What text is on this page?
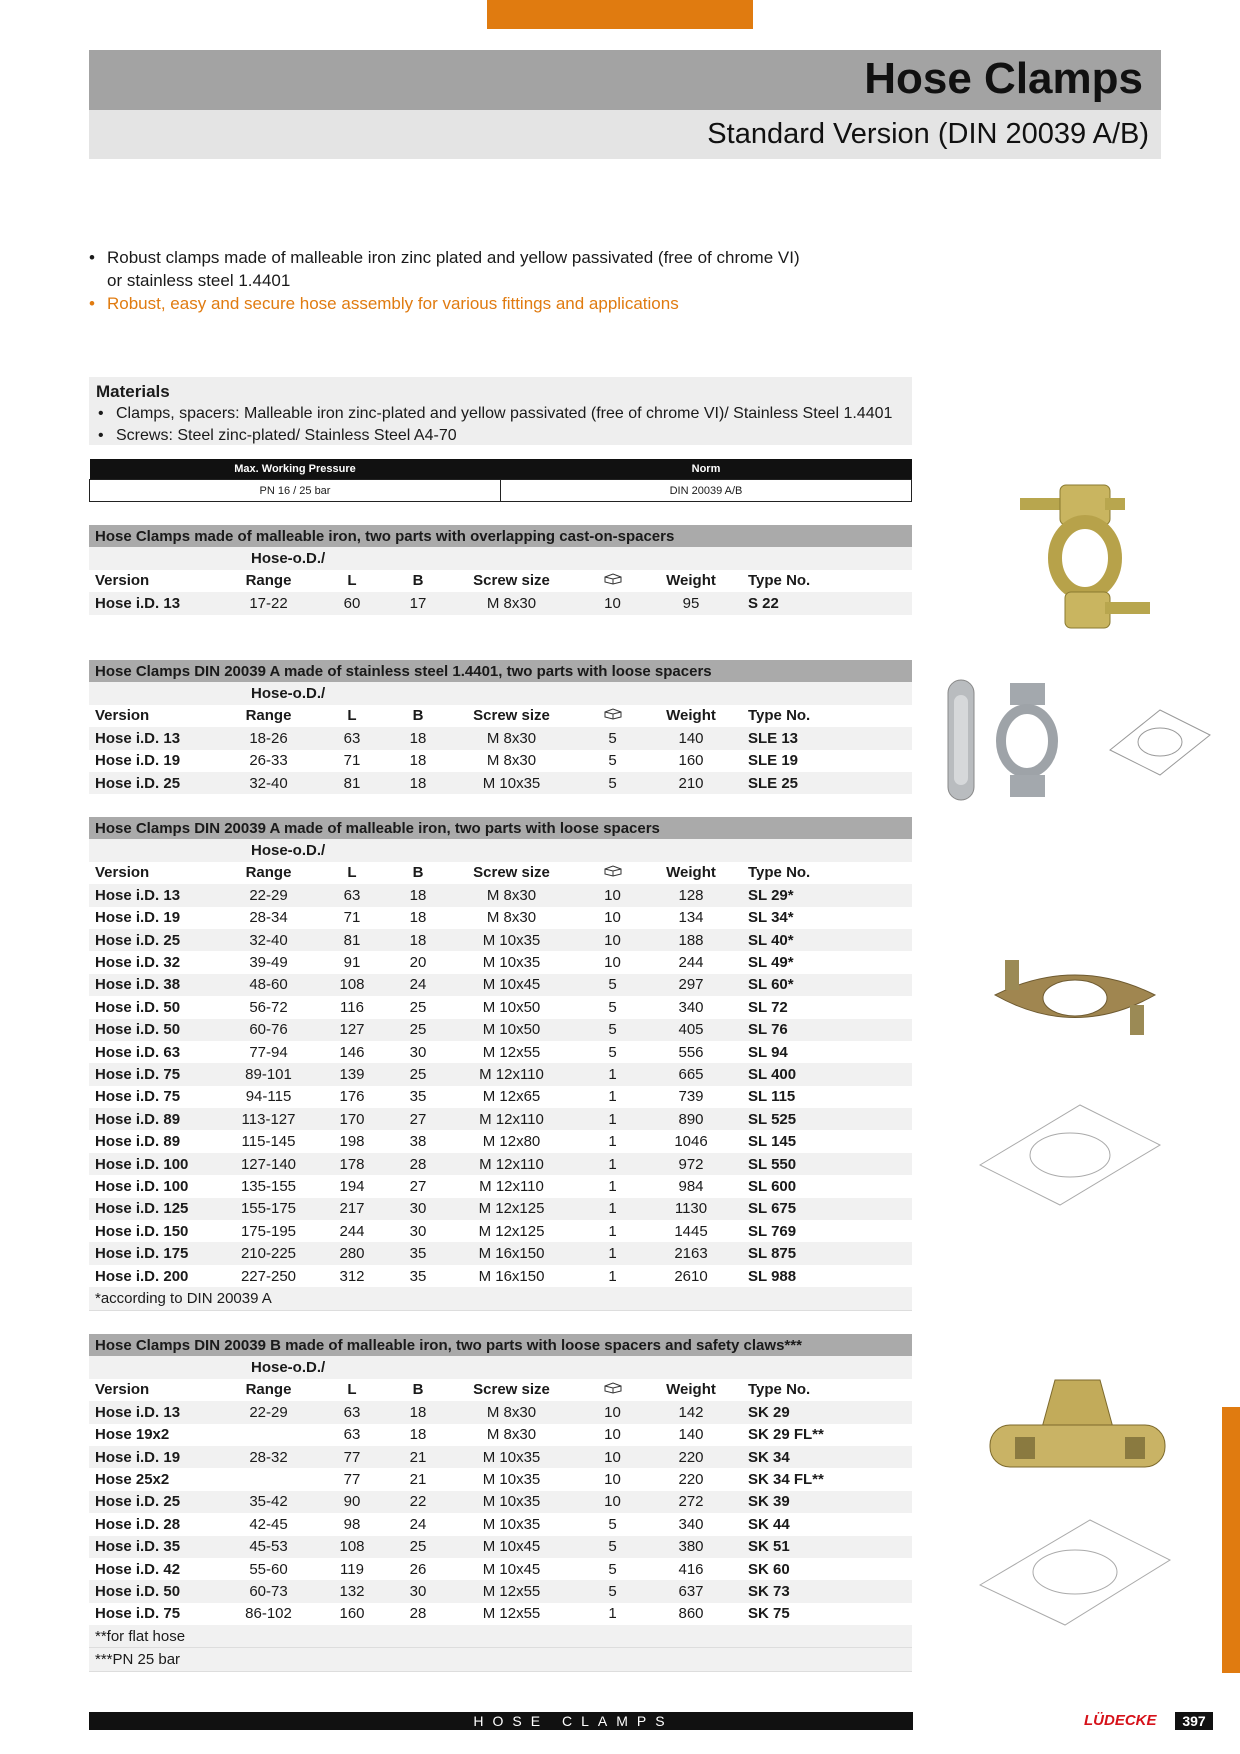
Hose Clamps
Standard Version (DIN 20039 A/B)
• Robust clamps made of malleable iron zinc plated and yellow passivated (free of chrome VI) or stainless steel 1.4401
• Robust, easy and secure hose assembly for various fittings and applications
Materials
• Clamps, spacers: Malleable iron zinc-plated and yellow passivated (free of chrome VI)/ Stainless Steel 1.4401
• Screws: Steel zinc-plated/ Stainless Steel A4-70
Max. Working Pressure	Norm
PN 16 / 25 bar	DIN 20039 A/B
Hose Clamps made of malleable iron, two parts with overlapping cast-on-spacers							
	Hose-o.D./						
Version	Range	L	B	Screw size		Weight	Type No.
Hose i.D. 13	17-22	60	17	M 8x30	10	95	S 22
Hose Clamps DIN 20039 A made of stainless steel 1.4401, two parts with loose spacers							
	Hose-o.D./						
Version	Range	L	B	Screw size		Weight	Type No.
Hose i.D. 13	18-26	63	18	M 8x30	5	140	SLE 13
Hose i.D. 19	26-33	71	18	M 8x30	5	160	SLE 19
Hose i.D. 25	32-40	81	18	M 10x35	5	210	SLE 25
Hose Clamps DIN 20039 A made of malleable iron, two parts with loose spacers							
	Hose-o.D./						
Version	Range	L	B	Screw size		Weight	Type No.
Hose i.D. 13	22-29	63	18	M 8x30	10	128	SL 29*
Hose i.D. 19	28-34	71	18	M 8x30	10	134	SL 34*
Hose i.D. 25	32-40	81	18	M 10x35	10	188	SL 40*
Hose i.D. 32	39-49	91	20	M 10x35	10	244	SL 49*
Hose i.D. 38	48-60	108	24	M 10x45	5	297	SL 60*
Hose i.D. 50	56-72	116	25	M 10x50	5	340	SL 72
Hose i.D. 50	60-76	127	25	M 10x50	5	405	SL 76
Hose i.D. 63	77-94	146	30	M 12x55	5	556	SL 94
Hose i.D. 75	89-101	139	25	M 12x110	1	665	SL 400
Hose i.D. 75	94-115	176	35	M 12x65	1	739	SL 115
Hose i.D. 89	113-127	170	27	M 12x110	1	890	SL 525
Hose i.D. 89	115-145	198	38	M 12x80	1	1046	SL 145
Hose i.D. 100	127-140	178	28	M 12x110	1	972	SL 550
Hose i.D. 100	135-155	194	27	M 12x110	1	984	SL 600
Hose i.D. 125	155-175	217	30	M 12x125	1	1130	SL 675
Hose i.D. 150	175-195	244	30	M 12x125	1	1445	SL 769
Hose i.D. 175	210-225	280	35	M 16x150	1	2163	SL 875
Hose i.D. 200	227-250	312	35	M 16x150	1	2610	SL 988
*according to DIN 20039 A							
Hose Clamps DIN 20039 B made of malleable iron, two parts with loose spacers and safety claws***							
	Hose-o.D./						
Version	Range	L	B	Screw size		Weight	Type No.
Hose i.D. 13	22-29	63	18	M 8x30	10	142	SK 29
Hose 19x2		63	18	M 8x30	10	140	SK 29 FL**
Hose i.D. 19	28-32	77	21	M 10x35	10	220	SK 34
Hose 25x2		77	21	M 10x35	10	220	SK 34 FL**
Hose i.D. 25	35-42	90	22	M 10x35	10	272	SK 39
Hose i.D. 28	42-45	98	24	M 10x35	5	340	SK 44
Hose i.D. 35	45-53	108	25	M 10x45	5	380	SK 51
Hose i.D. 42	55-60	119	26	M 10x45	5	416	SK 60
Hose i.D. 50	60-73	132	30	M 12x55	5	637	SK 73
Hose i.D. 75	86-102	160	28	M 12x55	1	860	SK 75
**for flat hose							
***PN 25 bar							
HOSE CLAMPS	LÜDECKE	397
